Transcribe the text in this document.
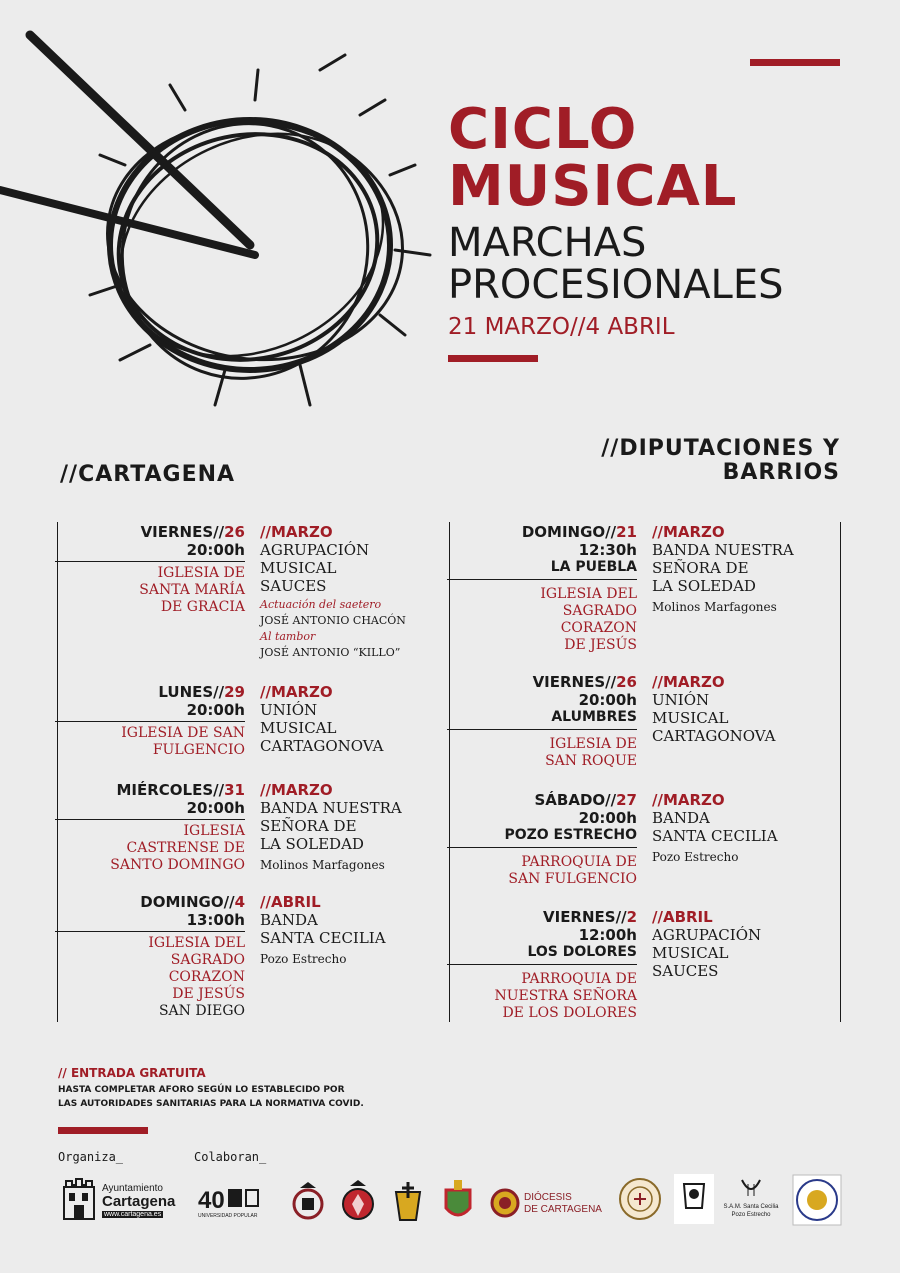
CICLO
MUSICAL
MARCHAS
PROCESIONALES
21 MARZO//4 ABRIL
//CARTAGENA
//DIPUTACIONES Y
BARRIOS
VIERNES//26
20:00h
IGLESIA DE
SANTA MARÍA
DE GRACIA
//MARZO
AGRUPACIÓN
MUSICAL
SAUCES
Actuación del saetero
JOSÉ ANTONIO CHACÓN
Al tambor
JOSÉ ANTONIO “KILLO”
LUNES//29
20:00h
IGLESIA DE SAN
FULGENCIO
//MARZO
UNIÓN
MUSICAL
CARTAGONOVA
MIÉRCOLES//31
20:00h
IGLESIA
CASTRENSE DE
SANTO DOMINGO
//MARZO
BANDA NUESTRA
SEÑORA DE
LA SOLEDAD
Molinos Marfagones
DOMINGO//4
13:00h
IGLESIA DEL
SAGRADO
CORAZON
DE JESÚS
SAN DIEGO
//ABRIL
BANDA
SANTA CECILIA
Pozo Estrecho
DOMINGO//21
12:30h
LA PUEBLA
IGLESIA DEL
SAGRADO
CORAZON
DE JESÚS
//MARZO
BANDA NUESTRA
SEÑORA DE
LA SOLEDAD
Molinos Marfagones
VIERNES//26
20:00h
ALUMBRES
IGLESIA DE
SAN ROQUE
//MARZO
UNIÓN
MUSICAL
CARTAGONOVA
SÁBADO//27
20:00h
POZO ESTRECHO
PARROQUIA DE
SAN FULGENCIO
//MARZO
BANDA
SANTA CECILIA
Pozo Estrecho
VIERNES//2
12:00h
LOS DOLORES
PARROQUIA DE
NUESTRA SEÑORA
DE LOS DOLORES
//ABRIL
AGRUPACIÓN
MUSICAL
SAUCES
// ENTRADA GRATUITA
HASTA COMPLETAR AFORO SEGÚN LO ESTABLECIDO POR
LAS AUTORIDADES SANITARIAS PARA LA NORMATIVA COVID.
Organiza_	Colaboran_
Ayuntamiento
Cartagena
www.cartagena.es
40
UNIVERSIDAD POPULAR
DIÓCESIS
DE CARTAGENA	S.A.M. Santa Cecilia
Pozo Estrecho
